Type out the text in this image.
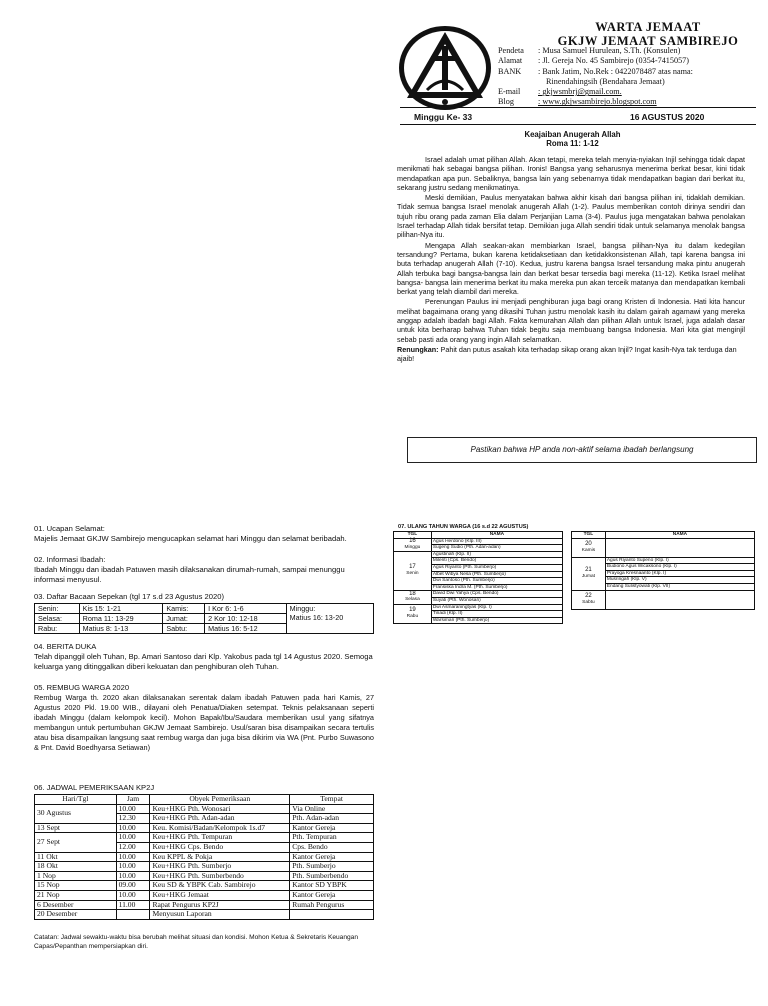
WARTA JEMAAT
GKJW JEMAAT SAMBIREJO
Pendeta	: Musa Samuel Hurulean, S.Th. (Konsulen)
Alamat	: Jl. Gereja No. 45 Sambirejo (0354-7415057)
BANK	: Bank Jatim, No.Rek : 0422078487 atas nama:
Rinendahingsih (Bendahara Jemaat)
E-mail	: gkjwsmbrj@gmail.com.
Blog	: www.gkjwsambirejo.blogspot.com
Minggu Ke- 33	16 AGUSTUS 2020
Keajaiban Anugerah Allah
Roma 11: 1-12

Israel adalah umat pilihan Allah. Akan tetapi, mereka telah menyia-nyiakan Injil sehingga tidak dapat menikmati hak sebagai bangsa pilihan. Ironis! Bangsa yang seharusnya menerima berkat besar, kini tidak mendapatkan apa pun. Sebaliknya, bangsa lain yang sebenarnya tidak mendapatkan bagian dari berkat itu, sekarang justru sedang menikmatinya.

Meski demikian, Paulus menyatakan bahwa akhir kisah dari bangsa pilihan ini, tidaklah demikian. Tidak semua bangsa Israel menolak anugerah Allah (1-2). Paulus memberikan contoh dirinya sendiri dan tujuh ribu orang pada zaman Elia dalam Perjanjian Lama (3-4). Paulus juga mengatakan bahwa penolakan Israel terhadap Allah tidak bersifat tetap. Demikian juga Allah sendiri tidak untuk selamanya menolak bangsa pilihan-Nya itu.

Mengapa Allah seakan-akan membiarkan Israel, bangsa pilihan-Nya itu dalam kedegilan tersandung? Pertama, bukan karena ketidaksetiaan dan ketidakkonsistenan Allah, tapi karena bangsa ini buta terhadap anugerah Allah (7-10). Kedua, justru karena bangsa Israel tersandung maka pintu anugerah Allah terbuka bagi bangsa-bangsa lain dan berkat besar tersedia bagi mereka (11-12). Ketika Israel melihat bangsa- bangsa lain menerima berkat itu maka mereka pun akan terceik matanya dan mendapatkan kembali berkat yang telah diambil dari mereka.

Perenungan Paulus ini menjadi penghiburan juga bagi orang Kristen di Indonesia. Hati kita hancur melihat bagaimana orang yang dikasihi Tuhan justru menolak kasih itu dalam gairah agamawi yang mereka anggap adalah ibadah bagi Allah. Fakta kemurahan Allah dan pilihan Allah untuk Israel, juga adalah dasar untuk kita berharap bahwa Tuhan tidak begitu saja membuang bangsa Indonesia. Mari kita giat menginjil sebab pasti ada orang yang ingin Allah selamatkan.

Renungkan: Pahit dan putus asakah kita terhadap sikap orang akan Injil? Ingat kasih-Nya tak terduga dan ajaib!
Pastikan bahwa HP anda non-aktif selama ibadah berlangsung
01. Ucapan Selamat:
Majelis Jemaat GKJW Sambirejo mengucapkan selamat hari Minggu dan selamat beribadah.
02. Informasi Ibadah:
Ibadah Minggu dan ibadah Patuwen masih dilaksanakan dirumah-rumah, sampai menunggu informasi menyusul.
03. Daftar Bacaan Sepekan (tgl 17 s.d 23 Agustus 2020)
Senin:	Kis 15: 1-21	Kamis:	I Kor 6: 1-6	Minggu:
Matius 16: 13-20

Selasa:	Roma 11: 13-29	Jumat:	2 Kor 10: 12-18	
Rabu:	Matius 8: 1-13	Sabtu:	Matius 16: 5-12	
04. BERITA DUKA
Telah dipanggil oleh Tuhan, Bp. Amari Santoso dari Klp. Yakobus pada tgl 14 Agustus 2020. Semoga keluarga yang ditinggalkan diberi kekuatan dan penghiburan oleh Tuhan.
05. REMBUG WARGA 2020
Rembug Warga th. 2020 akan dilaksanakan serentak dalam ibadah Patuwen pada hari Kamis, 27 Agustus 2020 Pkl. 19.00 WIB., dilayani oleh Penatua/Diaken setempat. Teknis pelaksanaan seperti ibadah Minggu (dalam kelompok kecil). Mohon Bapak/Ibu/Saudara memberikan usul yang sifatnya membangun untuk pertumbuhan GKJW Jemaat Sambirejo. Usul/saran bisa disampaikan secara tertulis atau bisa disampaikan langsung saat rembug warga dan juga bisa dikirim via WA (Pnt. Purbo Suwasono & Pnt. David Boedhyarsa Setiawan)
06. JADWAL PEMERIKSAAN KP2J
Hari/Tgl	Jam	Obyek Pemeriksaan	Tempat
30 Agustus	10.00	Keu+HKG Pth. Wonosari	Via Online
	12.30	Keu+HKG Pth. Adan-adan	Pth. Adan-adan
13 Sept	10.00	Keu. Komisi/Badan/Kelompok 1s.d7	Kantor Gereja
27 Sept	10.00	Keu+HKG Pth. Tempuran	Pth. Tempuran
	12.00	Keu+HKG Cps. Bendo	Cps. Bendo
11 Okt	10.00	Keu KPPL & Pokja	Kantor Gereja
18 Okt	10.00	Keu+HKG Pth. Sumberjo	Pth. Sumberjo
1 Nop	10.00	Keu+HKG Pth. Sumberbendo	Pth. Sumberbendo
15 Nop	09.00	Keu SD & YBPK Cab. Sambirejo	Kantor SD YBPK
21 Nop	10.00	Keu+HKG Jemaat	Kantor Gereja
6 Desember	11.00	Rapat Pengurus KP2J	Rumah Pengurus
20 Desember		Menyusun Laporan	
Catatan: Jadwal sewaktu-waktu bisa berubah melihat situasi dan kondisi. Mohon Ketua & Sekretaris Keuangan Capas/Pepanthan mempersiapkan diri.
07. ULANG TAHUN WARGA (16 s.d 22 AGUSTUS)
TGL	NAMA

16
Minggu	Agus Herdono (Klp. III)
	Sugeng Sudio (Pth. Adan-adan)

17
Senin	Agustinah (Klp. II)
	Milenti (Cps. Bendo)
	Agus Riyanto (Pth. Sumberjo)
	Albet Wibya Nesa (Pth. Sumberjo)
	Dwi Santoso (Pth. Sumberjo)
	Fransiska Indra M. (Pth. Sumberjo)

18
Selasa	David Dwi Yahya (Cps. Bendo)
	Suyati (Pth. Wonosari)

19
Rabu	Dwi Asmaraningtyas (Klp. I)
	Tinadi (Klp. II)
	Warsiman (Pth. Sumberjo)
TGL	NAMA

20
Kamis	

21
Jumat	Agus Riyanto Supeno (Klp. I)
	Budiono Agus Wicaksono (Klp. I)
	Prayoga Kresnaanto (Klp. I)
	Musringah (Klp. V)
	Endang Sulistyowati (Klp. VII)

22
Sabtu	
